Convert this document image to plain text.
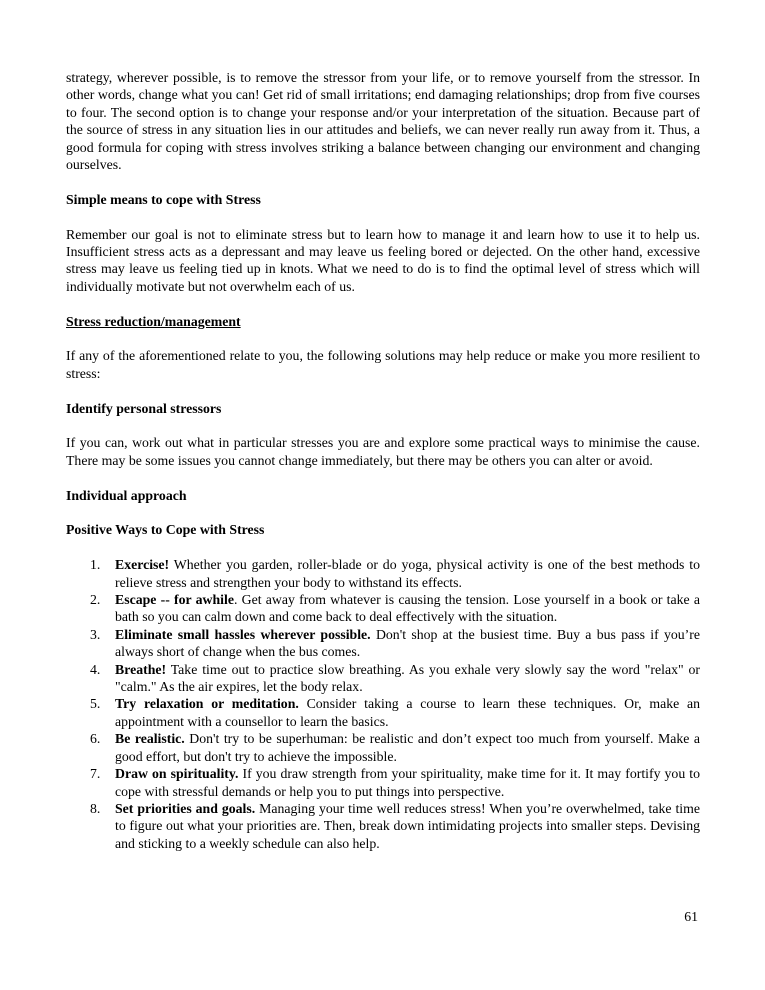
strategy, wherever possible, is to remove the stressor from your life, or to remove yourself from the stressor. In other words, change what you can! Get rid of small irritations; end damaging relationships; drop from five courses to four. The second option is to change your response and/or your interpretation of the situation. Because part of the source of stress in any situation lies in our attitudes and beliefs, we can never really run away from it. Thus, a good formula for coping with stress involves striking a balance between changing our environment and changing ourselves.

Simple means to cope with Stress

Remember our goal is not to eliminate stress but to learn how to manage it and learn how to use it to help us. Insufficient stress acts as a depressant and may leave us feeling bored or dejected. On the other hand, excessive stress may leave us feeling tied up in knots. What we need to do is to find the optimal level of stress which will individually motivate but not overwhelm each of us.

Stress reduction/management

If any of the aforementioned relate to you, the following solutions may help reduce or make you more resilient to stress:

Identify personal stressors

If you can, work out what in particular stresses you are and explore some practical ways to minimise the cause. There may be some issues you cannot change immediately, but there may be others you can alter or avoid.

Individual approach

Positive Ways to Cope with Stress

1. Exercise! Whether you garden, roller-blade or do yoga, physical activity is one of the best methods to relieve stress and strengthen your body to withstand its effects.
2. Escape -- for awhile. Get away from whatever is causing the tension. Lose yourself in a book or take a bath so you can calm down and come back to deal effectively with the situation.
3. Eliminate small hassles wherever possible. Don't shop at the busiest time. Buy a bus pass if you’re always short of change when the bus comes.
4. Breathe! Take time out to practice slow breathing. As you exhale very slowly say the word "relax" or "calm." As the air expires, let the body relax.
5. Try relaxation or meditation. Consider taking a course to learn these techniques. Or, make an appointment with a counsellor to learn the basics.
6. Be realistic. Don't try to be superhuman: be realistic and don’t expect too much from yourself. Make a good effort, but don't try to achieve the impossible.
7. Draw on spirituality. If you draw strength from your spirituality, make time for it. It may fortify you to cope with stressful demands or help you to put things into perspective.
8. Set priorities and goals. Managing your time well reduces stress! When you’re overwhelmed, take time to figure out what your priorities are. Then, break down intimidating projects into smaller steps. Devising and sticking to a weekly schedule can also help.
61
